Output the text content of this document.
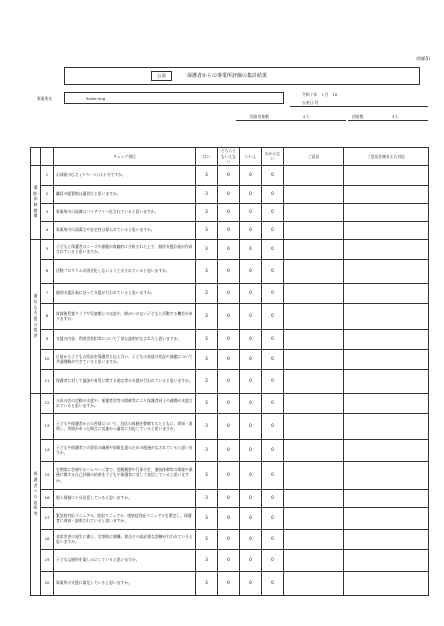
(別紙5)
公表	保護者からの事業所評価の集計結果
事業所名	Smile ring
令和７年　１月　10
公表日 付
回収対象数	４人	回収数	3人
		チェック項目	はい	どちらともいえない	いいえ	わからない	ご意見	ご意見を踏まえた対応

環境・体制整備	1	お部屋の広さ (スペース) は十分ですか。	3	0	0	0		
	2	職員の配置数は適切だと思いますか。	3	0	0	0		
	3	事業所内の設備はバリアフリー化されていると思いますか。	3	0	0	0		
	4	事業所内の清潔さや安全性は保たれていると思いますか。	3	0	0	0		

適切な支援の提供	5	子どもと保護者のニーズや課題が客観的に分析された上で、個別支援計画が作成されていると思いますか。	3	0	0	0		
	6	活動プログラムが固定化しないよう工夫されていると思いますか。	3	0	0	0		
	7	個別支援計画に沿って支援が行われていると思いますか。	3	0	0	0		
	8	放課後児童クラブや児童館との交流や、障がいのない子どもと活動する機会がありますか。	3	0	0	0		
	9	支援の内容、利用者負担等について丁寧な説明がなされたと思いますか。	3	0	0	0		
	10	日頃から子どもの状況を保護者と伝え合い、子どもの発達の状況や課題について共通理解ができていると思いますか。	3	0	0	0		
	11	保護者に対して面談や育児に関する助言等の支援が行われていると思いますか。	3	0	0	0		

保護者への説明等	12	父母の会の活動の支援や、保護者会等の開催等により保護者同士の連携が支援されていると思いますか。	3	0	0	0		
	13	子どもや保護者からの苦情について、対応の体制を整備するとともに、周知・説明し、苦情があった場合に迅速かつ適切に対応していると思いますか。	3	0	0	0		
	14	子どもや保護者との意思の疎通や情報伝達のための配慮がなされていると思いますか。	3	0	0	0		
	15	定期的に会報やホームページ等で、活動概要や行事予定、連絡体制等の情報や業務に関する自己評価の結果を子どもや保護者に対して発信していると思いますか。	3	0	0	0		
	16	個人情報に十分注意していると思いますか。	3	0	0	0		
	17	緊急時対応マニュアル、防犯マニュアル、感染症対応マニュアルを策定し、保護者に周知・説明されていると思いますか。	3	0	0	0		
	18	非常災害の発生に備え、定期的に避難、救出その他必要な訓練が行われていると思いますか。	3	0	0	0		
	19	子どもは通所を楽しみにしていると思いますか。	3	0	0	0		
	20	事業所の支援に満足していると思いますか。	3	0	0	0		
